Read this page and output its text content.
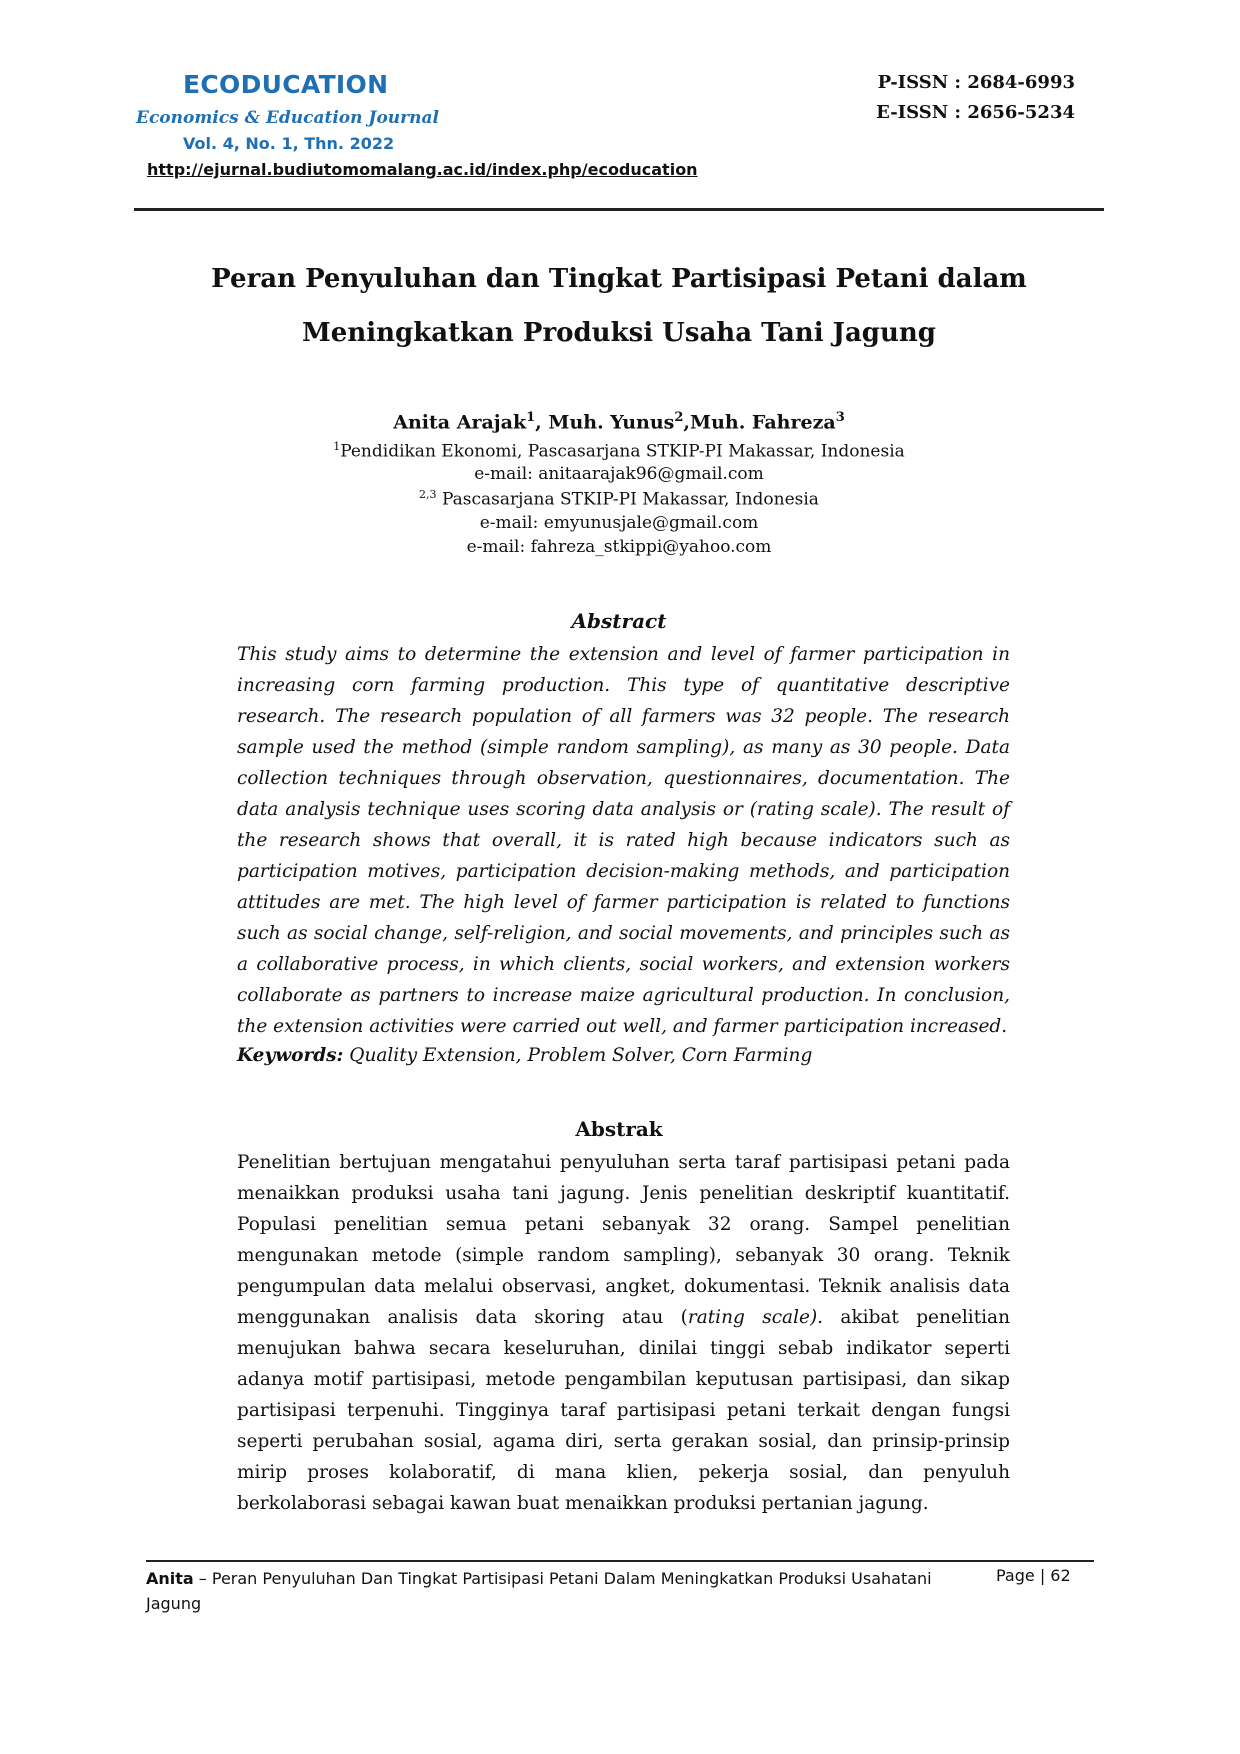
ECODUCATION
Economics & Education Journal
Vol. 4, No. 1, Thn. 2022
http://ejurnal.budiutomomalang.ac.id/index.php/ecoducation
P-ISSN : 2684-6993
E-ISSN : 2656-5234
Peran Penyuluhan dan Tingkat Partisipasi Petani dalam
Meningkatkan Produksi Usaha Tani Jagung
Anita Arajak$^1$, Muh. Yunus$^2$,Muh. Fahreza$^3$
$^1$Pendidikan Ekonomi, Pascasarjana STKIP-PI Makassar, Indonesia
e-mail: anitaarajak96@gmail.com
$^{2,3}$ Pascasarjana STKIP-PI Makassar, Indonesia
e-mail: emyunusjale@gmail.com
e-mail: fahreza_stkippi@yahoo.com
Abstract
This study aims to determine the extension and level of farmer participation in increasing corn farming production. This type of quantitative descriptive research. The research population of all farmers was 32 people. The research sample used the method (simple random sampling), as many as 30 people. Data collection techniques through observation, questionnaires, documentation. The data analysis technique uses scoring data analysis or (rating scale). The result of the research shows that overall, it is rated high because indicators such as participation motives, participation decision-making methods, and participation attitudes are met. The high level of farmer participation is related to functions such as social change, self-religion, and social movements, and principles such as a collaborative process, in which clients, social workers, and extension workers collaborate as partners to increase maize agricultural production. In conclusion, the extension activities were carried out well, and farmer participation increased.
Keywords: Quality Extension, Problem Solver, Corn Farming
Abstrak
Penelitian bertujuan mengatahui penyuluhan serta taraf partisipasi petani pada menaikkan produksi usaha tani jagung. Jenis penelitian deskriptif kuantitatif. Populasi penelitian semua petani sebanyak 32 orang. Sampel penelitian mengunakan metode (simple random sampling), sebanyak 30 orang. Teknik pengumpulan data melalui observasi, angket, dokumentasi. Teknik analisis data menggunakan analisis data skoring atau (rating scale). akibat penelitian menujukan bahwa secara keseluruhan, dinilai tinggi sebab indikator seperti adanya motif partisipasi, metode pengambilan keputusan partisipasi, dan sikap partisipasi terpenuhi. Tingginya taraf partisipasi petani terkait dengan fungsi seperti perubahan sosial, agama diri, serta gerakan sosial, dan prinsip-prinsip mirip proses kolaboratif, di mana klien, pekerja sosial, dan penyuluh berkolaborasi sebagai kawan buat menaikkan produksi pertanian jagung.
Anita – Peran Penyuluhan Dan Tingkat Partisipasi Petani Dalam Meningkatkan Produksi Usahatani Jagung
Page | 62
